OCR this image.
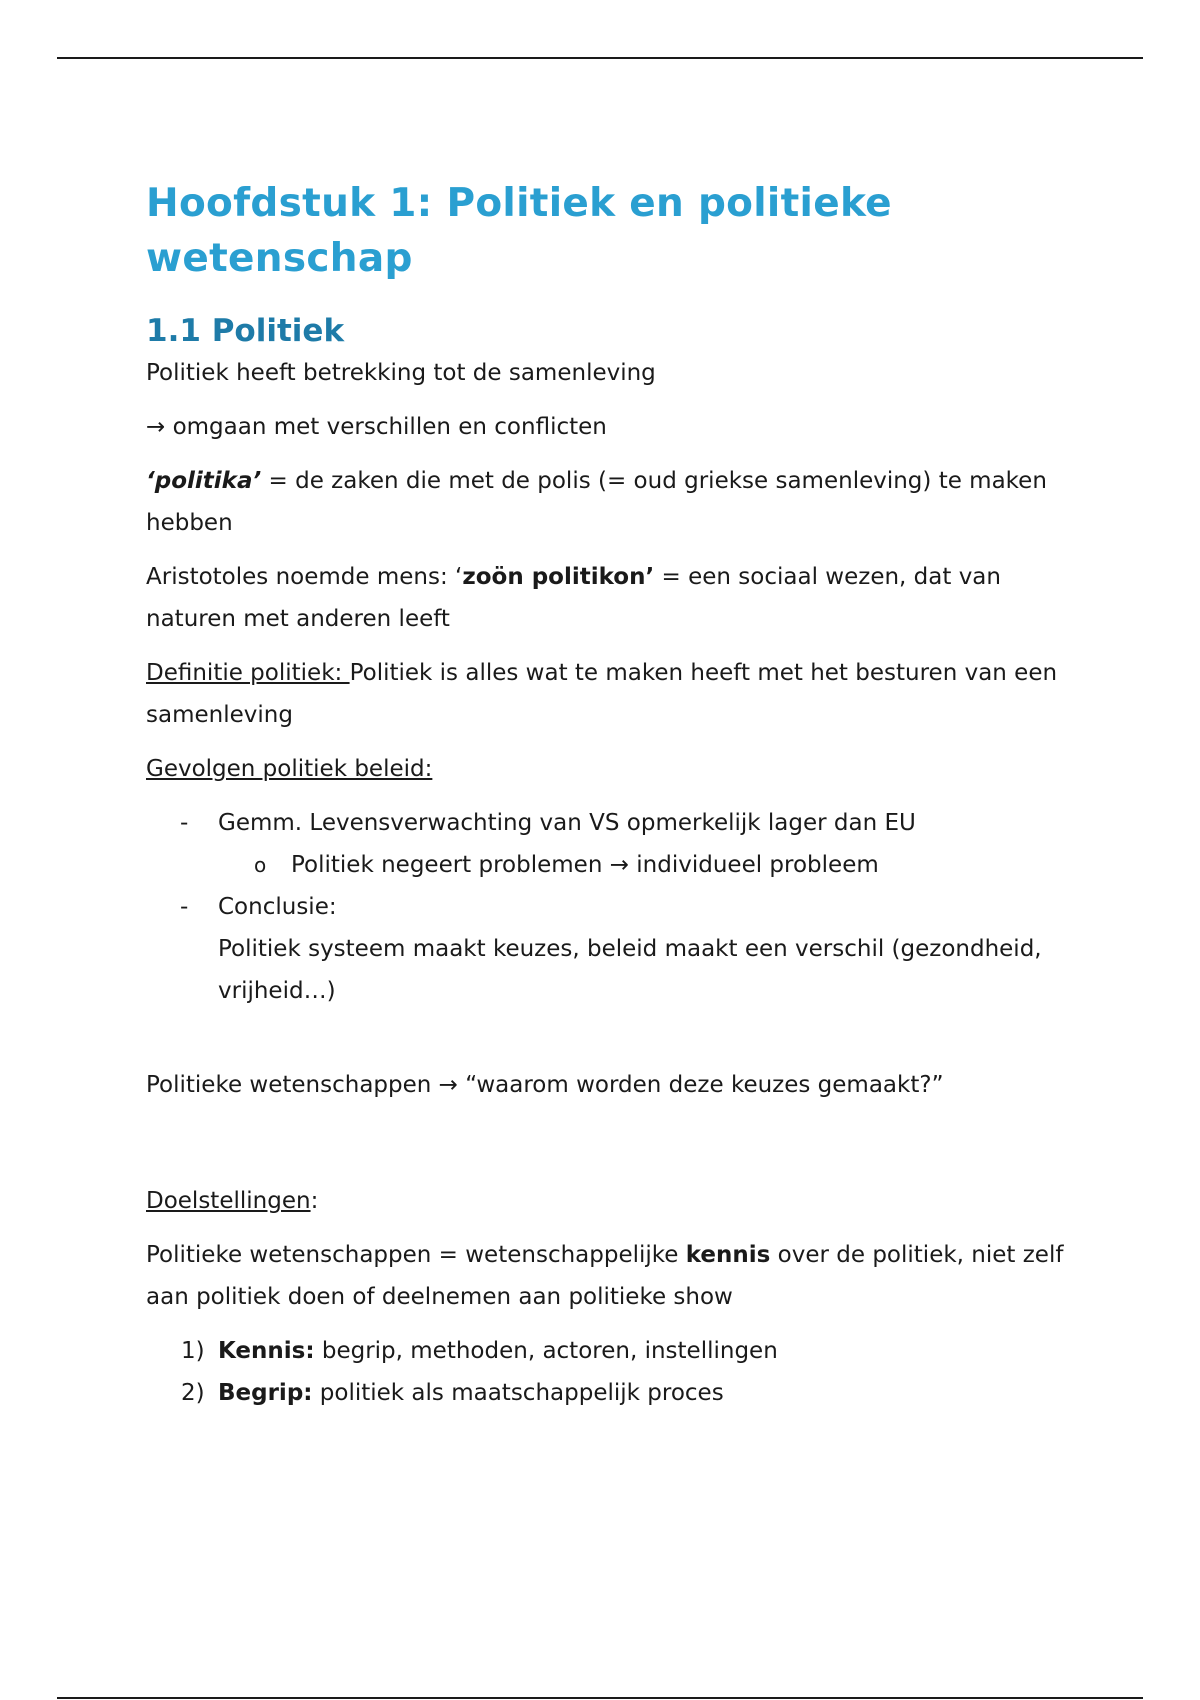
Hoofdstuk 1: Politiek en politieke wetenschap
1.1 Politiek

Politiek heeft betrekking tot de samenleving

→ omgaan met verschillen en conflicten

‘politika’ = de zaken die met de polis (= oud griekse samenleving) te maken hebben

Aristotoles noemde mens: ‘zoön politikon’ = een sociaal wezen, dat van naturen met anderen leeft

Definitie politiek: Politiek is alles wat te maken heeft met het besturen van een samenleving

Gevolgen politiek beleid:

- Gemm. Levensverwachting van VS opmerkelijk lager dan EU
o Politiek negeert problemen → individueel probleem
- Conclusie:
Politiek systeem maakt keuzes, beleid maakt een verschil (gezondheid, vrijheid…)

Politieke wetenschappen → “waarom worden deze keuzes gemaakt?”

Doelstellingen:

Politieke wetenschappen = wetenschappelijke kennis over de politiek, niet zelf aan politiek doen of deelnemen aan politieke show

1) Kennis: begrip, methoden, actoren, instellingen
2) Begrip: politiek als maatschappelijk proces
